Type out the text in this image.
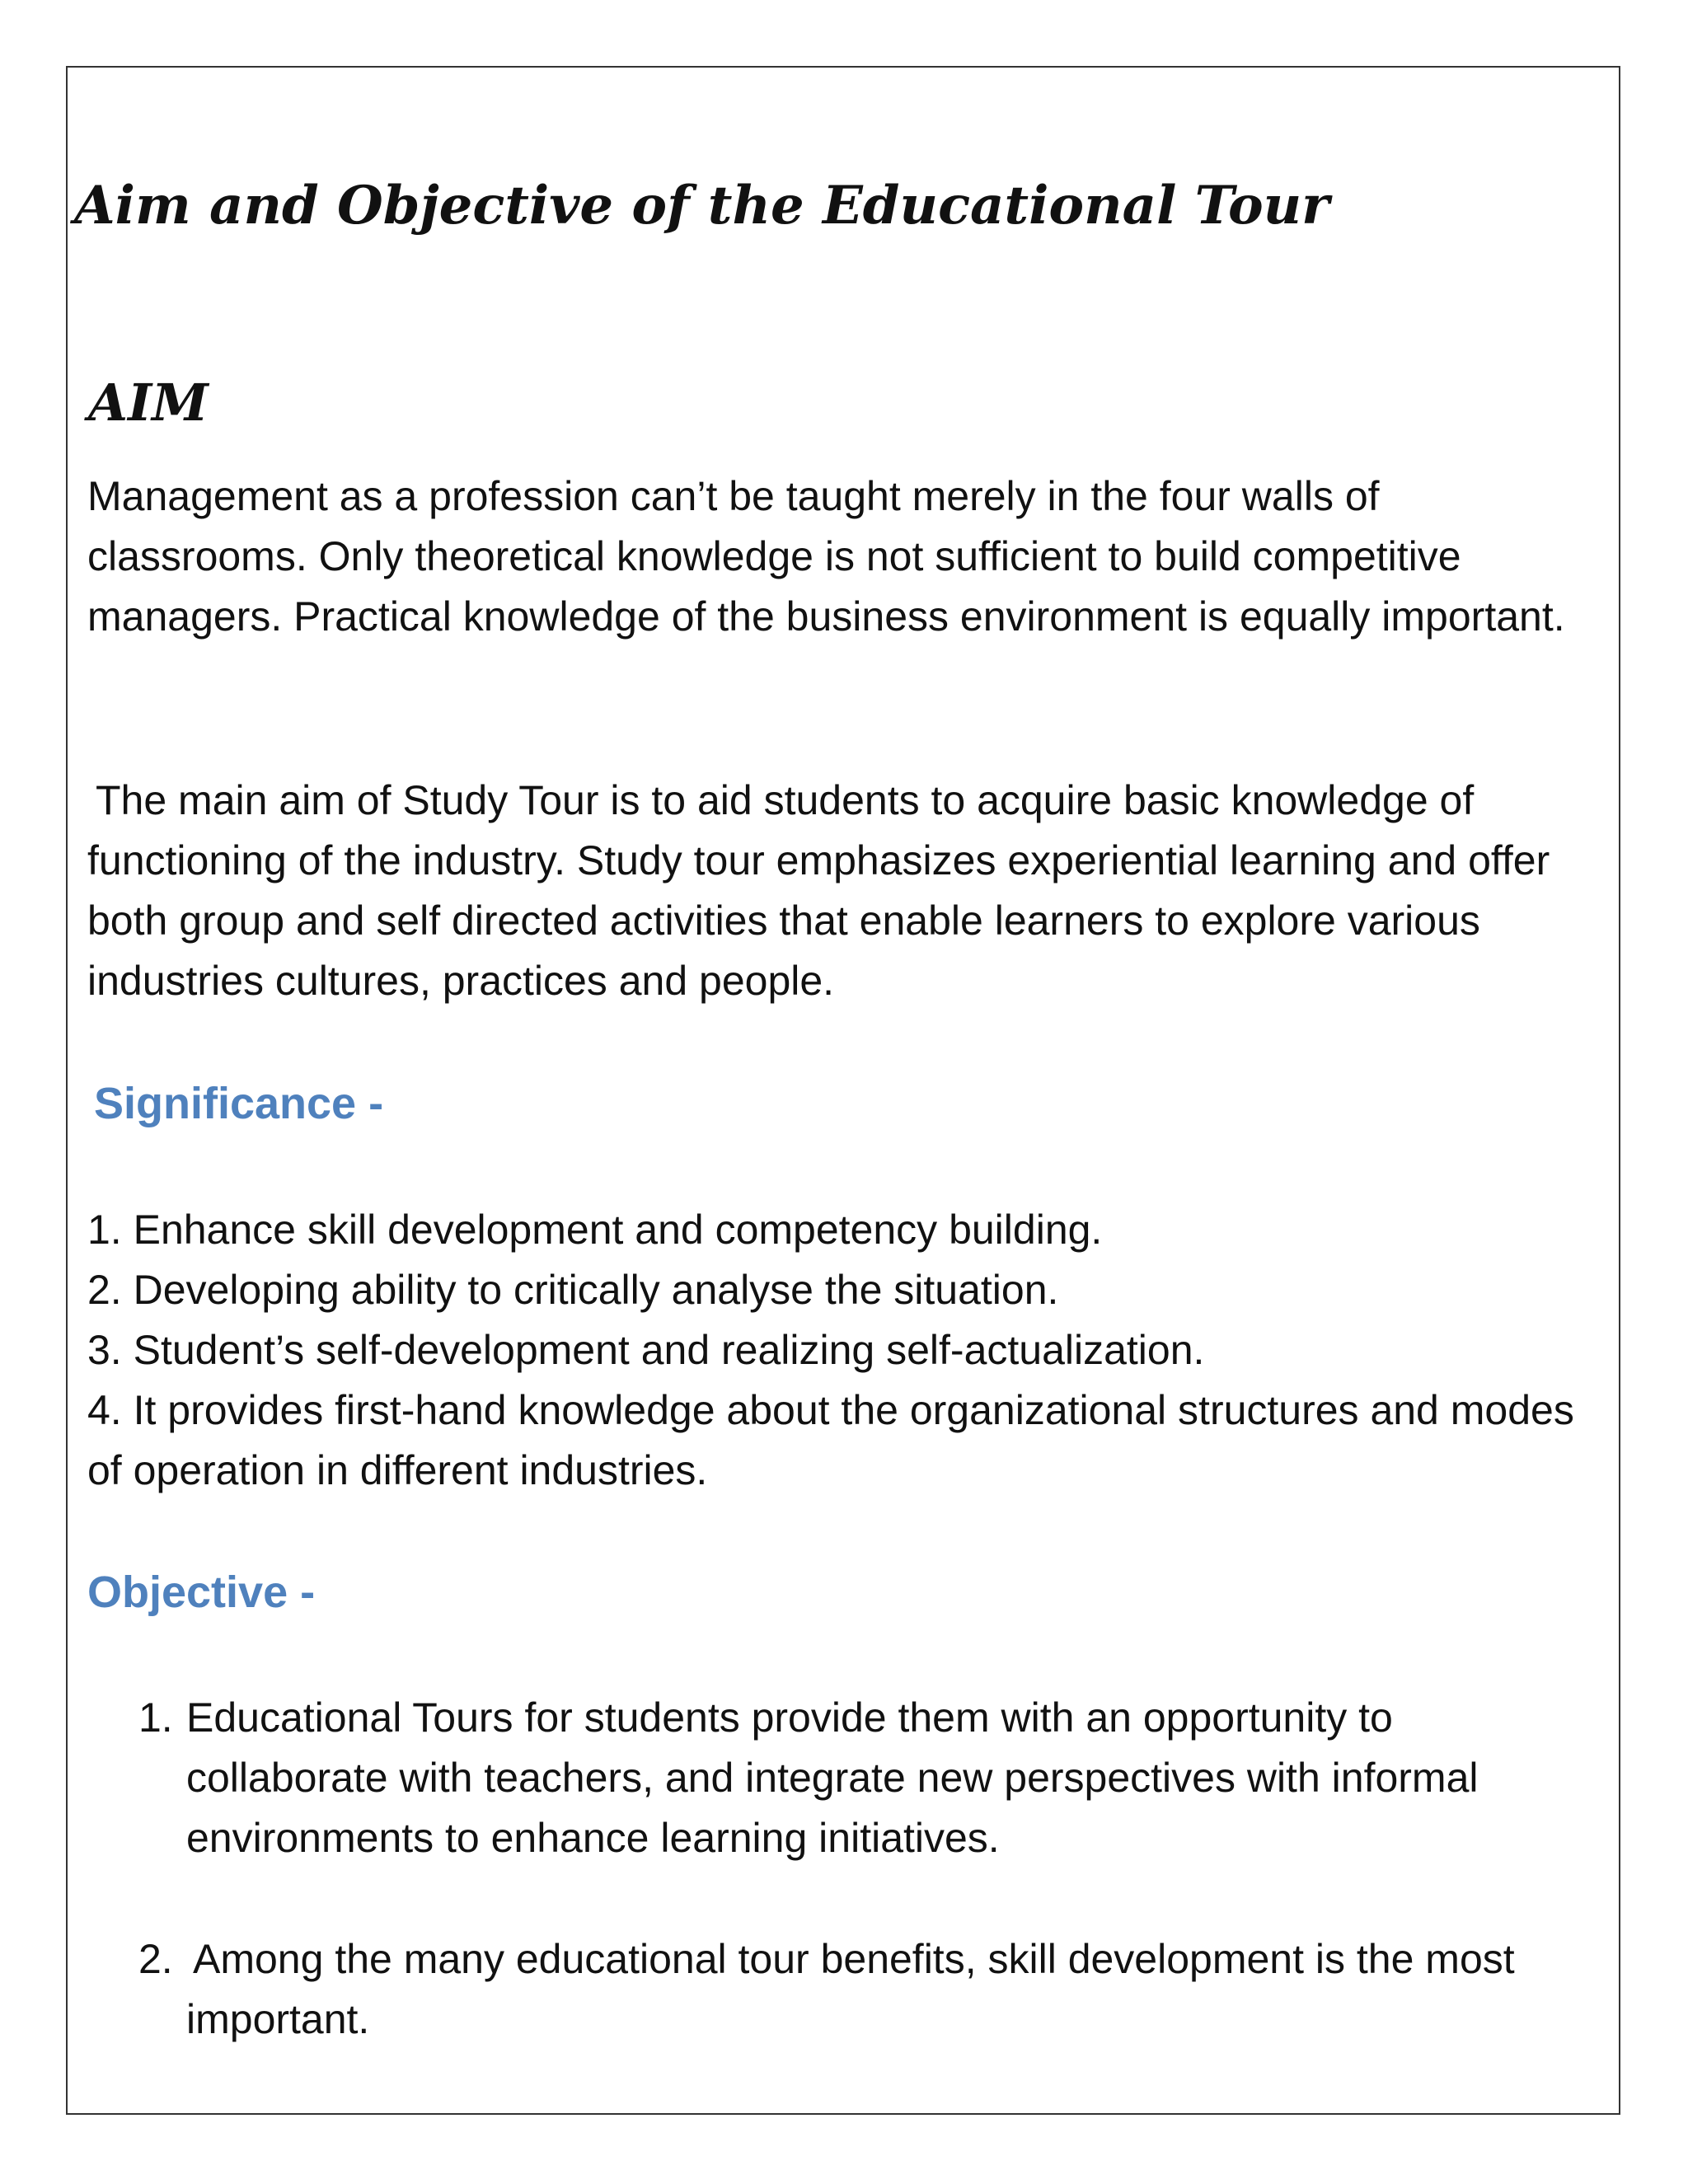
Aim and Objective of the Educational Tour
AIM

Management as a profession can’t be taught merely in the four walls of classrooms. Only theoretical knowledge is not sufficient to build competitive managers. Practical knowledge of the business environment is equally important.

The main aim of Study Tour is to aid students to acquire basic knowledge of functioning of the industry. Study tour emphasizes experiential learning and offer both group and self directed activities that enable learners to explore various industries cultures, practices and people.

Significance -
1. Enhance skill development and competency building.
2. Developing ability to critically analyse the situation.
3. Student’s self-development and realizing self-actualization.
4. It provides first-hand knowledge about the organizational structures and modes of operation in different industries.
Objective -
1. Educational Tours for students provide them with an opportunity to collaborate with teachers, and integrate new perspectives with informal environments to enhance learning initiatives.
2. Among the many educational tour benefits, skill development is the most important.
